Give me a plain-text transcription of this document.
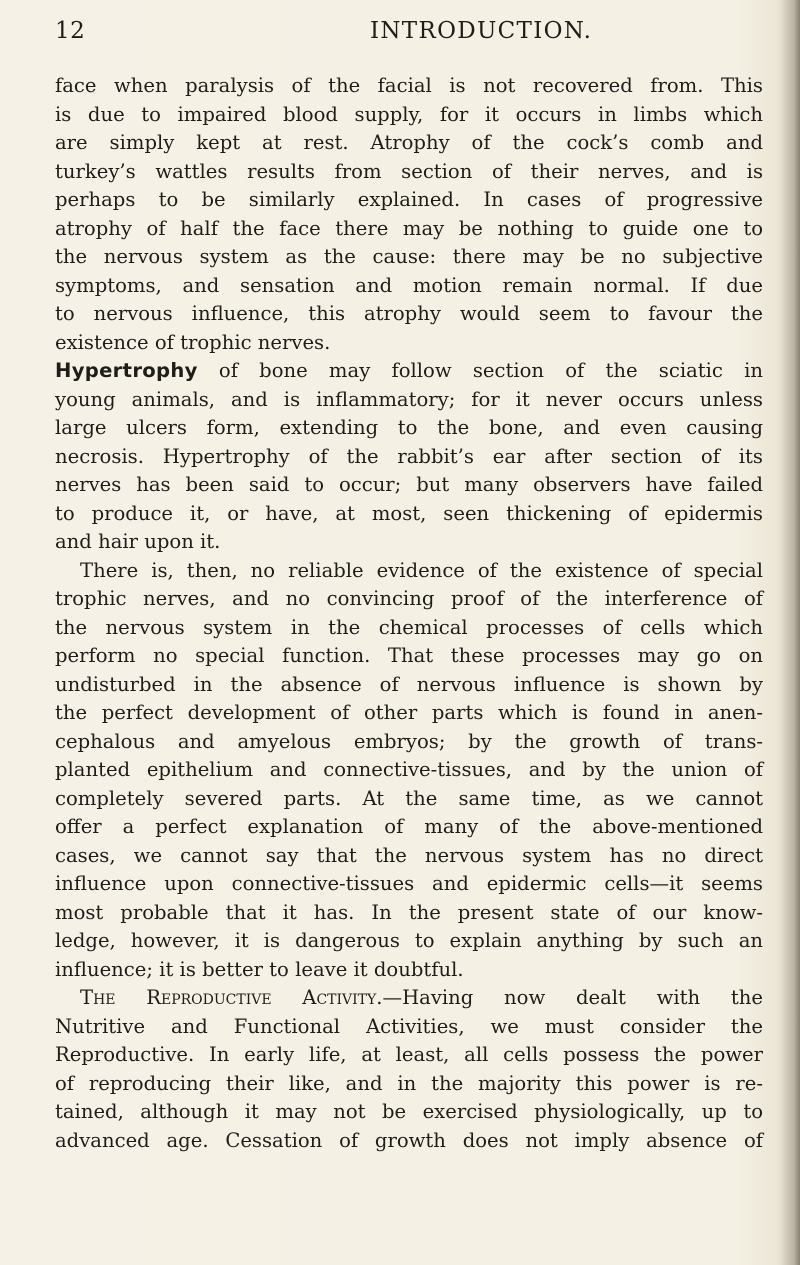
12	INTRODUCTION.
face when paralysis of the facial is not recovered from. This
is due to impaired blood supply, for it occurs in limbs which
are simply kept at rest. Atrophy of the cock’s comb and
turkey’s wattles results from section of their nerves, and is
perhaps to be similarly explained. In cases of progressive
atrophy of half the face there may be nothing to guide one to
the nervous system as the cause: there may be no subjective
symptoms, and sensation and motion remain normal. If due
to nervous influence, this atrophy would seem to favour the
existence of trophic nerves.
Hypertrophy of bone may follow section of the sciatic in
young animals, and is inflammatory; for it never occurs unless
large ulcers form, extending to the bone, and even causing
necrosis. Hypertrophy of the rabbit’s ear after section of its
nerves has been said to occur; but many observers have failed
to produce it, or have, at most, seen thickening of epidermis
and hair upon it.
There is, then, no reliable evidence of the existence of special
trophic nerves, and no convincing proof of the interference of
the nervous system in the chemical processes of cells which
perform no special function. That these processes may go on
undisturbed in the absence of nervous influence is shown by
the perfect development of other parts which is found in anen-
cephalous and amyelous embryos; by the growth of trans-
planted epithelium and connective-tissues, and by the union of
completely severed parts. At the same time, as we cannot
offer a perfect explanation of many of the above-mentioned
cases, we cannot say that the nervous system has no direct
influence upon connective-tissues and epidermic cells—it seems
most probable that it has. In the present state of our know-
ledge, however, it is dangerous to explain anything by such an
influence; it is better to leave it doubtful.
The Reproductive Activity.—Having now dealt with the
Nutritive and Functional Activities, we must consider the
Reproductive. In early life, at least, all cells possess the power
of reproducing their like, and in the majority this power is re-
tained, although it may not be exercised physiologically, up to
advanced age. Cessation of growth does not imply absence of
